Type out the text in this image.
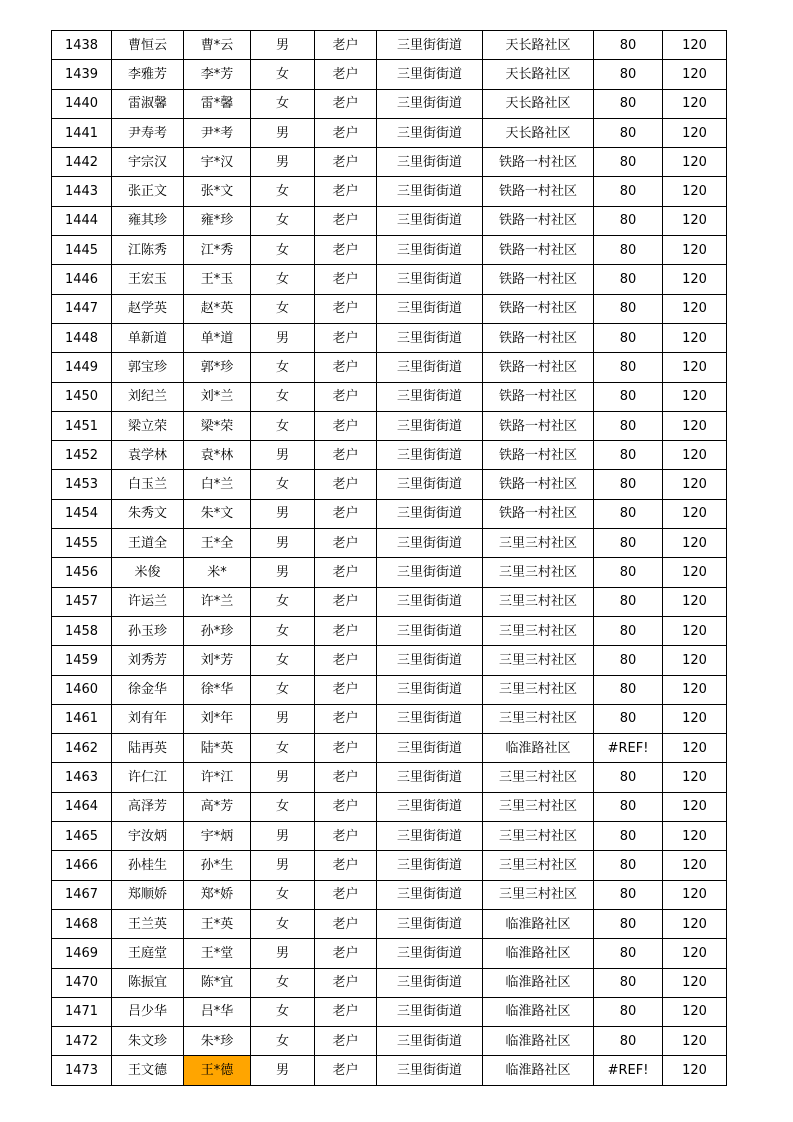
1438	曹恒云	曹*云	男	老户	三里街街道	天长路社区	80	120
1439	李雅芳	李*芳	女	老户	三里街街道	天长路社区	80	120
1440	雷淑馨	雷*馨	女	老户	三里街街道	天长路社区	80	120
1441	尹寿考	尹*考	男	老户	三里街街道	天长路社区	80	120
1442	宇宗汉	宇*汉	男	老户	三里街街道	铁路一村社区	80	120
1443	张正文	张*文	女	老户	三里街街道	铁路一村社区	80	120
1444	雍其珍	雍*珍	女	老户	三里街街道	铁路一村社区	80	120
1445	江陈秀	江*秀	女	老户	三里街街道	铁路一村社区	80	120
1446	王宏玉	王*玉	女	老户	三里街街道	铁路一村社区	80	120
1447	赵学英	赵*英	女	老户	三里街街道	铁路一村社区	80	120
1448	单新道	单*道	男	老户	三里街街道	铁路一村社区	80	120
1449	郭宝珍	郭*珍	女	老户	三里街街道	铁路一村社区	80	120
1450	刘纪兰	刘*兰	女	老户	三里街街道	铁路一村社区	80	120
1451	梁立荣	梁*荣	女	老户	三里街街道	铁路一村社区	80	120
1452	袁学林	袁*林	男	老户	三里街街道	铁路一村社区	80	120
1453	白玉兰	白*兰	女	老户	三里街街道	铁路一村社区	80	120
1454	朱秀文	朱*文	男	老户	三里街街道	铁路一村社区	80	120
1455	王道全	王*全	男	老户	三里街街道	三里三村社区	80	120
1456	米俊	米*	男	老户	三里街街道	三里三村社区	80	120
1457	许运兰	许*兰	女	老户	三里街街道	三里三村社区	80	120
1458	孙玉珍	孙*珍	女	老户	三里街街道	三里三村社区	80	120
1459	刘秀芳	刘*芳	女	老户	三里街街道	三里三村社区	80	120
1460	徐金华	徐*华	女	老户	三里街街道	三里三村社区	80	120
1461	刘有年	刘*年	男	老户	三里街街道	三里三村社区	80	120
1462	陆再英	陆*英	女	老户	三里街街道	临淮路社区	#REF!	120
1463	许仁江	许*江	男	老户	三里街街道	三里三村社区	80	120
1464	高泽芳	高*芳	女	老户	三里街街道	三里三村社区	80	120
1465	宇汝炳	宇*炳	男	老户	三里街街道	三里三村社区	80	120
1466	孙桂生	孙*生	男	老户	三里街街道	三里三村社区	80	120
1467	郑顺娇	郑*娇	女	老户	三里街街道	三里三村社区	80	120
1468	王兰英	王*英	女	老户	三里街街道	临淮路社区	80	120
1469	王庭堂	王*堂	男	老户	三里街街道	临淮路社区	80	120
1470	陈振宜	陈*宜	女	老户	三里街街道	临淮路社区	80	120
1471	吕少华	吕*华	女	老户	三里街街道	临淮路社区	80	120
1472	朱文珍	朱*珍	女	老户	三里街街道	临淮路社区	80	120
1473	王文德	王*德	男	老户	三里街街道	临淮路社区	#REF!	120
